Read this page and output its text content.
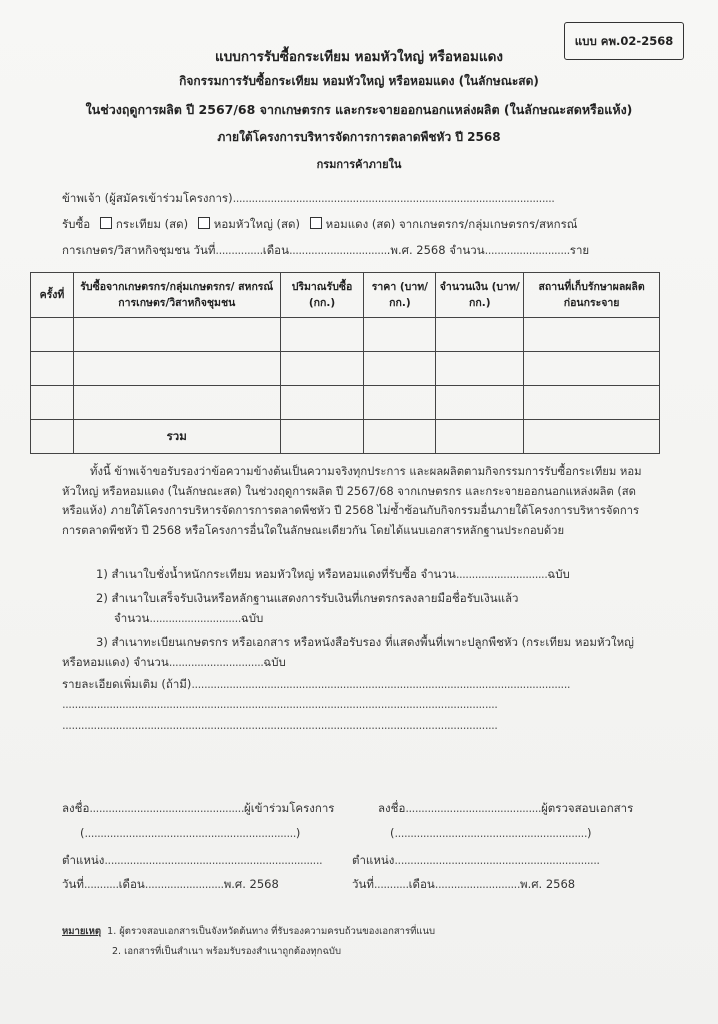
แบบ คพ.02-2568
แบบการรับซื้อกระเทียม หอมหัวใหญ่ หรือหอมแดง
กิจกรรมการรับซื้อกระเทียม หอมหัวใหญ่ หรือหอมแดง (ในลักษณะสด)
ในช่วงฤดูการผลิต ปี 2567/68 จากเกษตรกร และกระจายออกนอกแหล่งผลิต (ในลักษณะสดหรือแห้ง)
ภายใต้โครงการบริหารจัดการการตลาดพืชหัว ปี 2568
กรมการค้าภายใน
ข้าพเจ้า (ผู้สมัครเข้าร่วมโครงการ)......................................................................................................
รับซื้อ กระเทียม (สด) หอมหัวใหญ่ (สด) หอมแดง (สด) จากเกษตรกร/กลุ่มเกษตรกร/สหกรณ์
การเกษตร/วิสาหกิจชุมชน วันที่...............เดือน................................พ.ศ. 2568 จำนวน...........................ราย
ครั้งที่	รับซื้อจากเกษตรกร/กลุ่มเกษตรกร/ สหกรณ์การเกษตร/วิสาหกิจชุมชน	ปริมาณรับซื้อ (กก.)	ราคา (บาท/กก.)	จำนวนเงิน (บาท/กก.)	สถานที่เก็บรักษาผลผลิต ก่อนกระจาย

	รวม				
ทั้งนี้ ข้าพเจ้าขอรับรองว่าข้อความข้างต้นเป็นความจริงทุกประการ และผลผลิตตามกิจกรรมการรับซื้อกระเทียม หอมหัวใหญ่ หรือหอมแดง (ในลักษณะสด) ในช่วงฤดูการผลิต ปี 2567/68 จากเกษตรกร และกระจายออกนอกแหล่งผลิต (สดหรือแห้ง) ภายใต้โครงการบริหารจัดการการตลาดพืชหัว ปี 2568 ไม่ซ้ำซ้อนกับกิจกรรมอื่นภายใต้โครงการบริหารจัดการการตลาดพืชหัว ปี 2568 หรือโครงการอื่นใดในลักษณะเดียวกัน โดยได้แนบเอกสารหลักฐานประกอบด้วย
1) สำเนาใบชั่งน้ำหนักกระเทียม หอมหัวใหญ่ หรือหอมแดงที่รับซื้อ จำนวน.............................ฉบับ
2) สำเนาใบเสร็จรับเงินหรือหลักฐานแสดงการรับเงินที่เกษตรกรลงลายมือชื่อรับเงินแล้ว
จำนวน.............................ฉบับ
3) สำเนาทะเบียนเกษตรกร หรือเอกสาร หรือหนังสือรับรอง ที่แสดงพื้นที่เพาะปลูกพืชหัว (กระเทียม หอมหัวใหญ่
หรือหอมแดง) จำนวน..............................ฉบับ
รายละเอียดเพิ่มเติม (ถ้ามี)........................................................................................................................
..........................................................................................................................................
..........................................................................................................................................
ลงชื่อ.................................................ผู้เข้าร่วมโครงการ	ลงชื่อ...........................................ผู้ตรวจสอบเอกสาร
(...................................................................)	(.............................................................)
ตำแหน่ง.....................................................................	ตำแหน่ง.................................................................
วันที่...........เดือน.........................พ.ศ. 2568	วันที่...........เดือน...........................พ.ศ. 2568
หมายเหตุ 1. ผู้ตรวจสอบเอกสารเป็นจังหวัดต้นทาง ที่รับรองความครบถ้วนของเอกสารที่แนบ
2. เอกสารที่เป็นสำเนา พร้อมรับรองสำเนาถูกต้องทุกฉบับ
